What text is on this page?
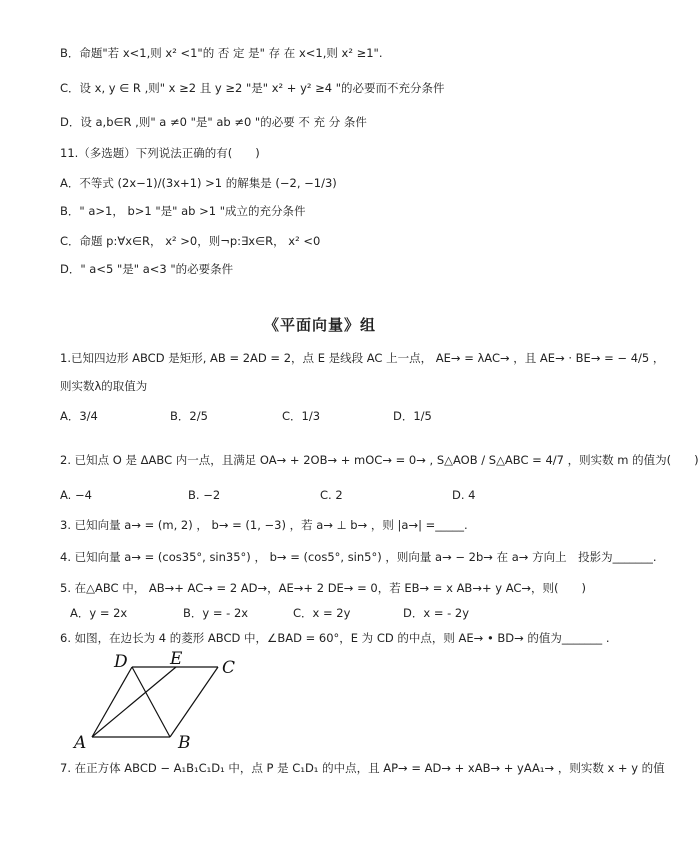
B．命题"若 x<1,则 x² <1"的 否 定 是" 存 在 x<1,则 x² ≥1".
C．设 x, y ∈ R ,则" x ≥2 且 y ≥2 "是" x² + y² ≥4 "的必要而不充分条件
D．设 a,b∈R ,则" a ≠0 "是" ab ≠0 "的必要 不 充 分 条件
11.（多选题）下列说法正确的有(　　)
A．不等式 (2x−1)/(3x+1) >1 的解集是 (−2, −1/3)
B．" a>1， b>1 "是" ab >1 "成立的充分条件
C．命题 p:∀x∈R， x² >0，则¬p:∃x∈R， x² <0
D．" a<5 "是" a<3 "的必要条件
《平面向量》组
1.已知四边形 ABCD 是矩形, AB = 2AD = 2，点 E 是线段 AC 上一点， AE→ = λAC→ ，且 AE→ · BE→ = − 4/5 ，
则实数λ的取值为
A．3/4	B．2/5	C．1/3	D．1/5
2. 已知点 O 是 ΔABC 内一点，且满足 OA→ + 2OB→ + mOC→ = 0→ , S△AOB / S△ABC = 4/7 ，则实数 m 的值为(　　)
A. −4	B. −2	C. 2	D. 4
3. 已知向量 a→ = (m, 2) ， b→ = (1, −3) ，若 a→ ⊥ b→ ，则 |a→| =_____.
4. 已知向量 a→ = (cos35°, sin35°) ， b→ = (cos5°, sin5°) ，则向量 a→ − 2b→ 在 a→ 方向上　投影为_______.
5. 在△ABC 中， AB→+ AC→ = 2 AD→，AE→+ 2 DE→ = 0，若 EB→ = x AB→+ y AC→，则(　　)
A．y = 2x	B．y = - 2x	C．x = 2y	D．x = - 2y
6. 如图，在边长为 4 的菱形 ABCD 中，∠BAD = 60°，E 为 CD 的中点，则 AE→ • BD→ 的值为_______ .
D E C
A	B
7. 在正方体 ABCD − A₁B₁C₁D₁ 中，点 P 是 C₁D₁ 的中点，且 AP→ = AD→ + xAB→ + yAA₁→ ，则实数 x + y 的值
